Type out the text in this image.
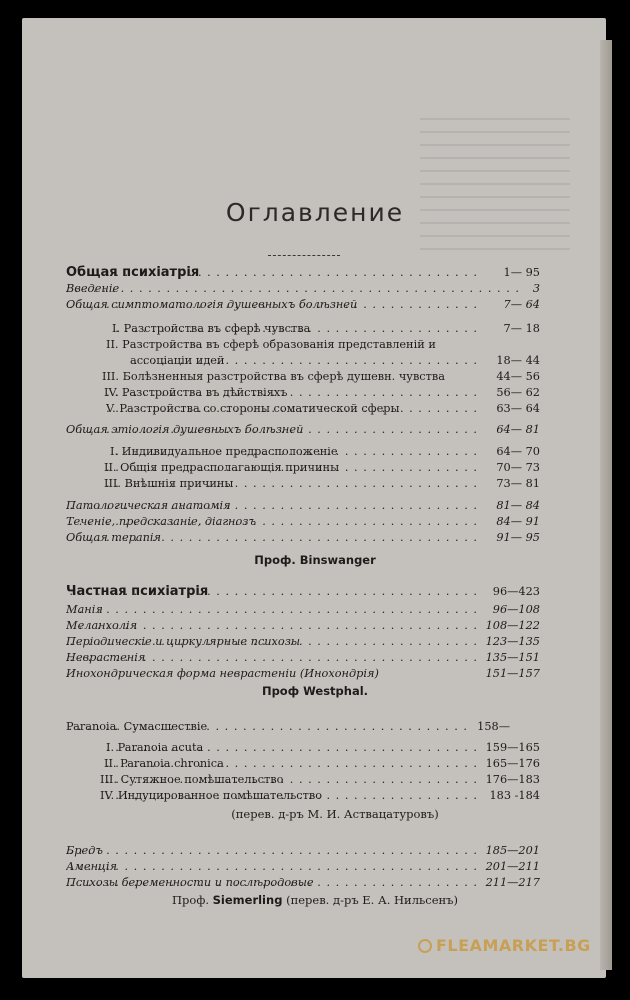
Оглавление
Общая психiатрія . . .	1— 95
Введеніе . . .	3
Общая симптоматологія душевныхъ болѣзней . . .	7— 64
I. Разстройства въ сферѣ чувства . . .	7— 18
II. Разстройства въ сферѣ образованія представленій и
ассоціаціи идей . . .	18— 44
III. Болѣзненныя разстройства въ сферѣ душевн. чувства	44— 56
IV. Разстройства въ дѣйствіяхъ . . .	56— 62
V. Разстройства со стороны соматической сферы . . .	63— 64
Общая этіологія душевныхъ болѣзней . . .	64— 81
I. Индивидуальное предрасположеніе . . .	64— 70
II. Общія предрасполагающія причины . . .	70— 73
III. Внѣшнія причины . . .	73— 81
Патологическая анатомія . . .	81— 84
Теченіе, предсказаніе, діагнозъ . . .	84— 91
Общая терапія . . .	91— 95
Проф. Binswanger
Частная психiатрія . . .	96—423
Манія . . .	96—108
Меланхолія . . .	108—122
Періодическіе и циркулярные психозы . . .	123—135
Неврастенія . . .	135—151
Инохондрическая форма неврастеніи (Инохондрія)	151—157
Проф Westphal.
Paranoia. Сумасшествіе . . .	158—
I. Paranoia acuta . . .	159—165
II. Paranoia chronica . . .	165—176
III. Сутяжное помѣшательство . . .	176—183
IV. Индуцированное помѣшательство . . .	183 -184
(перев. д-ръ М. И. Аствацатуровъ)
Бредъ . . .	185—201
Аменція . . .	201—211
Психозы беременности и послѣродовые . . .	211—217
Проф. Siemerling (перев. д-ръ Е. А. Нильсенъ)
FLEAMARKET.BG
